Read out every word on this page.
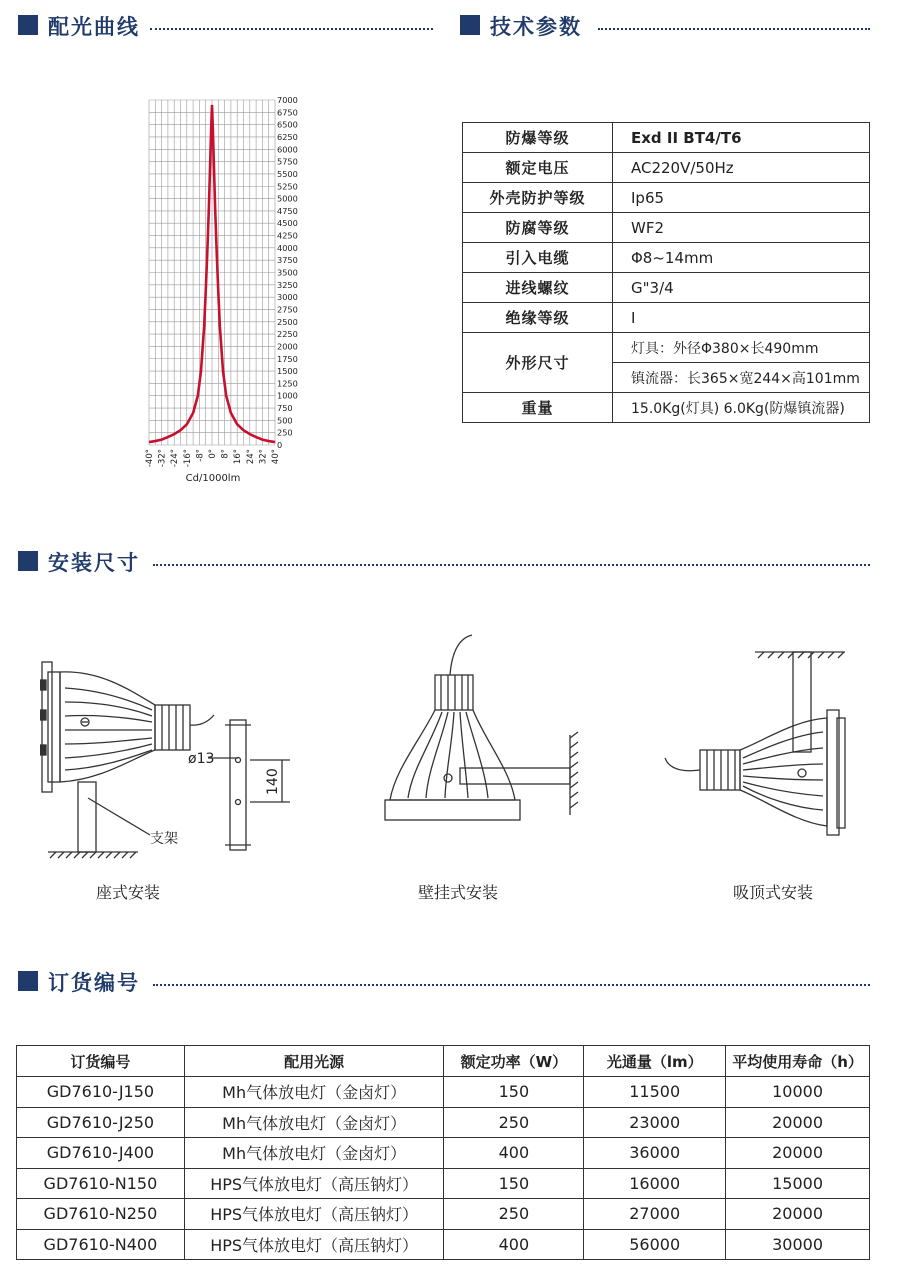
配光曲线	技术参数
安装尺寸
订货编号
7000
6750
6500
6250
6000
5750
5500
5250
5000
4750
4500
4250
4000
3750
3500
3250
3000
2750
2500
2250
2000
1750
1500
1250
1000
750
500
250
0
-40° -32° -24° -16° -8° 0° 8° 16° 24° 32° 40°
Cd/1000lm
防爆等级	Exd II BT4/T6
额定电压	AC220V/50Hz
外壳防护等级	Ip65
防腐等级	WF2
引入电缆	Φ8~14mm
进线螺纹	G"3/4
绝缘等级	I
外形尺寸	灯具：外径Φ380×长490mm
	镇流器：长365×宽244×高101mm
重量	15.0Kg(灯具) 6.0Kg(防爆镇流器)
支架
ø13
140
座式安装	壁挂式安装	吸顶式安装
订货编号	配用光源	额定功率（W）	光通量（lm）	平均使用寿命（h）
GD7610-J150	Mh气体放电灯（金卤灯）	150	11500	10000
GD7610-J250	Mh气体放电灯（金卤灯）	250	23000	20000
GD7610-J400	Mh气体放电灯（金卤灯）	400	36000	20000
GD7610-N150	HPS气体放电灯（高压钠灯）	150	16000	15000
GD7610-N250	HPS气体放电灯（高压钠灯）	250	27000	20000
GD7610-N400	HPS气体放电灯（高压钠灯）	400	56000	30000
